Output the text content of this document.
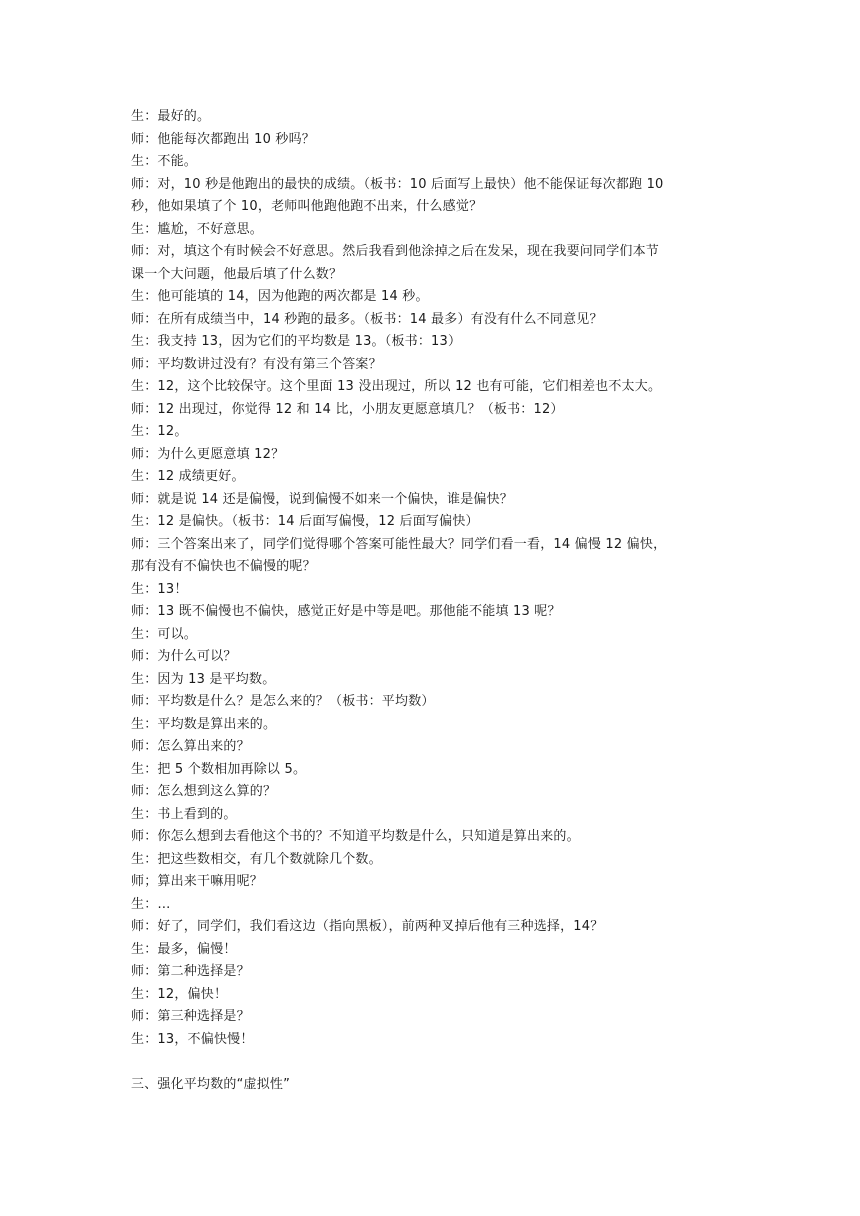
生：最好的。
师：他能每次都跑出 10 秒吗？
生：不能。
师：对，10 秒是他跑出的最快的成绩。（板书：10 后面写上最快）他不能保证每次都跑 10
秒，他如果填了个 10，老师叫他跑他跑不出来，什么感觉？
生：尴尬，不好意思。
师：对，填这个有时候会不好意思。然后我看到他涂掉之后在发呆，现在我要问同学们本节
课一个大问题，他最后填了什么数？
生：他可能填的 14，因为他跑的两次都是 14 秒。
师：在所有成绩当中，14 秒跑的最多。（板书：14 最多）有没有什么不同意见？
生：我支持 13，因为它们的平均数是 13。（板书：13）
师：平均数讲过没有？有没有第三个答案？
生：12，这个比较保守。这个里面 13 没出现过，所以 12 也有可能，它们相差也不太大。
师：12 出现过，你觉得 12 和 14 比，小朋友更愿意填几？（板书：12）
生：12。
师：为什么更愿意填 12？
生：12 成绩更好。
师：就是说 14 还是偏慢，说到偏慢不如来一个偏快，谁是偏快？
生：12 是偏快。（板书：14 后面写偏慢，12 后面写偏快）
师：三个答案出来了，同学们觉得哪个答案可能性最大？同学们看一看，14 偏慢 12 偏快，
那有没有不偏快也不偏慢的呢？
生：13！
师：13 既不偏慢也不偏快，感觉正好是中等是吧。那他能不能填 13 呢？
生：可以。
师：为什么可以？
生：因为 13 是平均数。
师：平均数是什么？是怎么来的？（板书：平均数）
生：平均数是算出来的。
师：怎么算出来的？
生：把 5 个数相加再除以 5。
师：怎么想到这么算的？
生：书上看到的。
师：你怎么想到去看他这个书的？不知道平均数是什么，只知道是算出来的。
生：把这些数相交，有几个数就除几个数。
师；算出来干嘛用呢？
生：…
师：好了，同学们，我们看这边（指向黑板），前两种叉掉后他有三种选择，14？
生：最多，偏慢！
师：第二种选择是？
生：12，偏快！
师：第三种选择是？
生：13，不偏快慢！
三、强化平均数的“虚拟性”
